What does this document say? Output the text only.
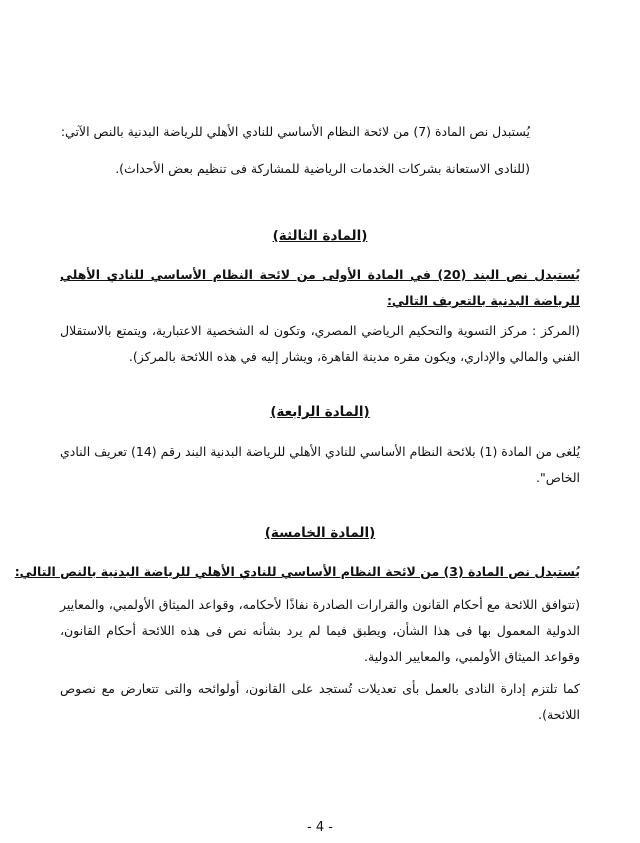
يُستبدل نص المادة (7) من لائحة النظام الأساسي للنادي الأهلي للرياضة البدنية بالنص الآتي:

(للنادى الاستعانة بشركات الخدمات الرياضية للمشاركة فى تنظيم بعض الأحداث).

(المادة الثالثة)

يُستبدل نص البند (20) في المادة الأولى من لائحة النظام الأساسي للنادي الأهلي للرياضة البدنية بالتعريف التالي:

(المركز : مركز التسوية والتحكيم الرياضي المصري، وتكون له الشخصية الاعتبارية، ويتمتع بالاستقلال الفني والمالي والإداري، ويكون مقره مدينة القاهرة، ويشار إليه في هذه اللائحة بالمركز).

(المادة الرابعة)

يُلغى من المادة (1) بلائحة النظام الأساسي للنادي الأهلي للرياضة البدنية البند رقم (14) تعريف النادي الخاص".

(المادة الخامسة)

يُستبدل نص المادة (3) من لائحة النظام الأساسي للنادي الأهلي للرياضة البدنية بالنص التالي:

(تتوافق اللائحة مع أحكام القانون والقرارات الصادرة نفاذًا لأحكامه، وقواعد الميثاق الأولمبي، والمعايير الدولية المعمول بها فى هذا الشأن، ويطبق فيما لم يرد بشأنه نص فى هذه اللائحة أحكام القانون، وقواعد الميثاق الأولمبي، والمعايير الدولية.

كما تلتزم إدارة النادى بالعمل بأى تعديلات تُستجد على القانون، أولوائحه والتى تتعارض مع نصوص اللائحة).

- 4 -
